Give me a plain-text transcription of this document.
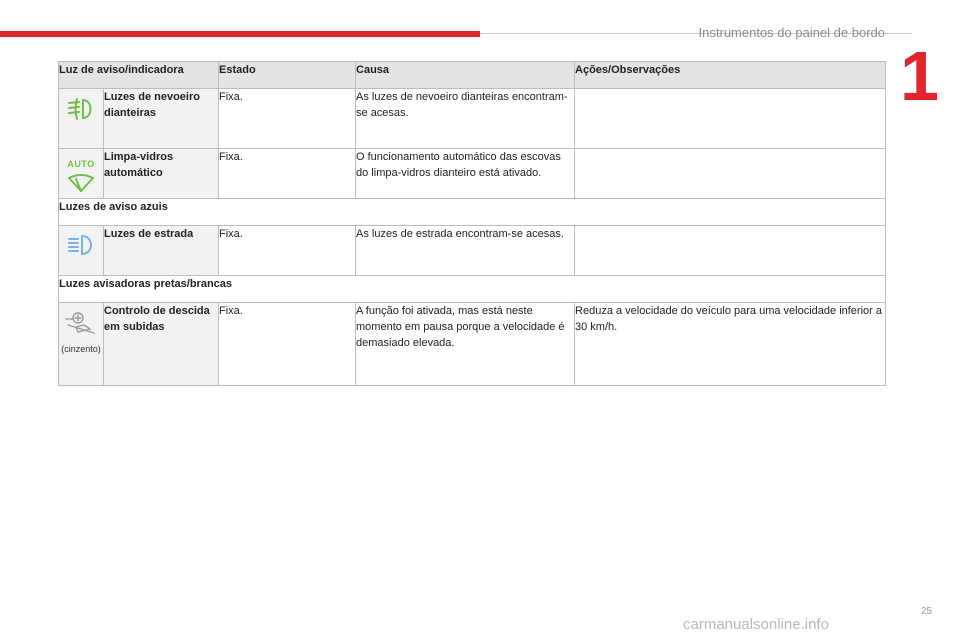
Instrumentos do painel de bordo
1
Luz de aviso/indicadora		Estado	Causa	Ações/Observações

	Luzes de nevoeiro dianteiras	Fixa.	As luzes de nevoeiro dianteiras encontram-se acesas.	

AUTO	Limpa-vidros automático	Fixa.	O funcionamento automático das escovas do limpa-vidros dianteiro está ativado.	
Luzes de aviso azuis				

	Luzes de estrada	Fixa.	As luzes de estrada encontram-se acesas.	
Luzes avisadoras pretas/brancas				

(cinzento)	Controlo de descida em subidas	Fixa.	A função foi ativada, mas está neste momento em pausa porque a velocidade é demasiado elevada.	Reduza a velocidade do veículo para uma velocidade inferior a 30 km/h.
25
carmanualsonline.info
